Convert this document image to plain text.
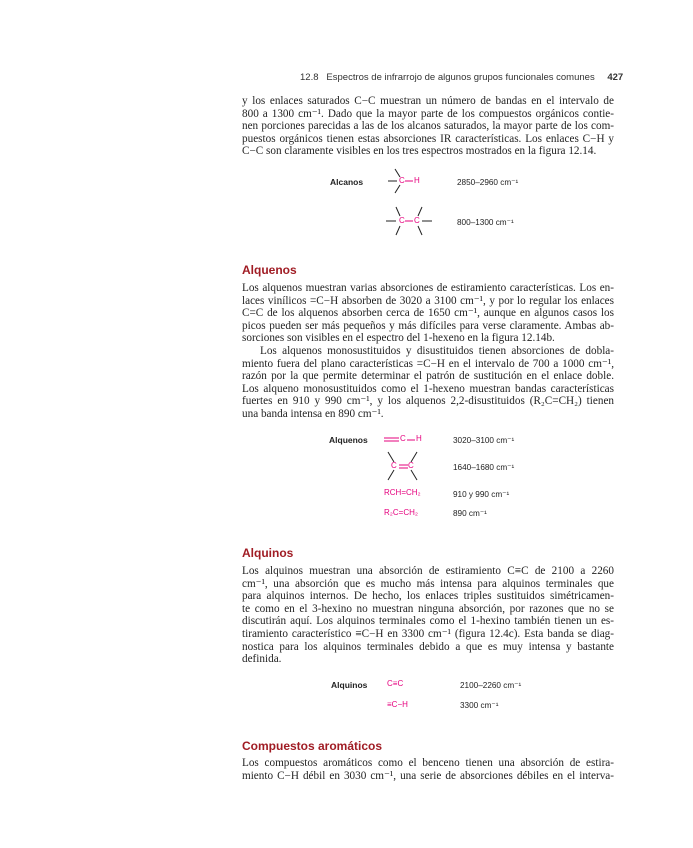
12.8 Espectros de infrarrojo de algunos grupos funcionales comunes 427
y los enlaces saturados C−C muestran un número de bandas en el intervalo de
800 a 1300 cm⁻¹. Dado que la mayor parte de los compuestos orgánicos contie-
nen porciones parecidas a las de los alcanos saturados, la mayor parte de los com-
puestos orgánicos tienen estas absorciones IR características. Los enlaces C−H y
C−C son claramente visibles en los tres espectros mostrados en la figura 12.14.
Alcanos	C H	2850–2960 cm⁻¹
C C	800–1300 cm⁻¹
Alquenos
Los alquenos muestran varias absorciones de estiramiento características. Los en-
laces vinílicos =C−H absorben de 3020 a 3100 cm⁻¹, y por lo regular los enlaces
C=C de los alquenos absorben cerca de 1650 cm⁻¹, aunque en algunos casos los
picos pueden ser más pequeños y más difíciles para verse claramente. Ambas ab-
sorciones son visibles en el espectro del 1-hexeno en la figura 12.14b.
Los alquenos monosustituidos y disustituidos tienen absorciones de dobla-
miento fuera del plano características =C−H en el intervalo de 700 a 1000 cm⁻¹,
razón por la que permite determinar el patrón de sustitución en el enlace doble.
Los alqueno monosustituidos como el 1-hexeno muestran bandas características
fuertes en 910 y 990 cm⁻¹, y los alquenos 2,2-disustituidos (R₂C=CH₂) tienen
una banda intensa en 890 cm⁻¹.
Alquenos	C H	3020–3100 cm⁻¹
C C	1640–1680 cm⁻¹
RCH=CH₂	910 y 990 cm⁻¹
R₂C=CH₂	890 cm⁻¹
Alquinos
Los alquinos muestran una absorción de estiramiento C≡C de 2100 a 2260
cm⁻¹, una absorción que es mucho más intensa para alquinos terminales que
para alquinos internos. De hecho, los enlaces triples sustituidos simétricamen-
te como en el 3-hexino no muestran ninguna absorción, por razones que no se
discutirán aquí. Los alquinos terminales como el 1-hexino también tienen un es-
tiramiento característico ≡C−H en 3300 cm⁻¹ (figura 12.4c). Esta banda se diag-
nostica para los alquinos terminales debido a que es muy intensa y bastante
definida.
Alquinos C≡C	2100–2260 cm⁻¹
≡C−H	3300 cm⁻¹
Compuestos aromáticos
Los compuestos aromáticos como el benceno tienen una absorción de estira-
miento C−H débil en 3030 cm⁻¹, una serie de absorciones débiles en el interva-
